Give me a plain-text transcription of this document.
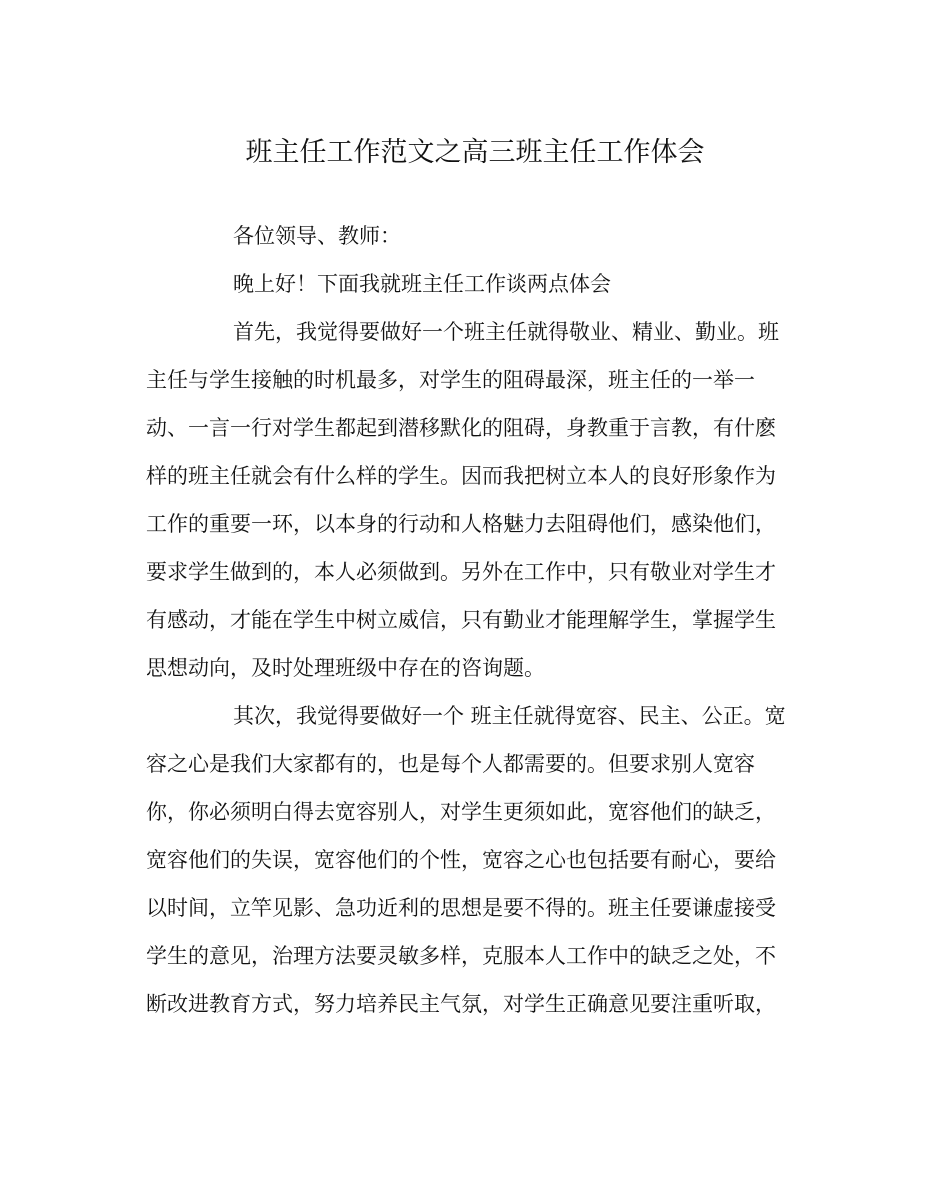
班主任工作范文之高三班主任工作体会
各位领导、教师：
晚上好！下面我就班主任工作谈两点体会
首先，我觉得要做好一个班主任就得敬业、精业、勤业。班
主任与学生接触的时机最多，对学生的阻碍最深，班主任的一举一
动、一言一行对学生都起到潜移默化的阻碍，身教重于言教，有什麽
样的班主任就会有什么样的学生。因而我把树立本人的良好形象作为
工作的重要一环，以本身的行动和人格魅力去阻碍他们，感染他们，
要求学生做到的，本人必须做到。另外在工作中，只有敬业对学生才
有感动，才能在学生中树立威信，只有勤业才能理解学生，掌握学生
思想动向，及时处理班级中存在的咨询题。
其次，我觉得要做好一个 班主任就得宽容、民主、公正。宽
容之心是我们大家都有的，也是每个人都需要的。但要求别人宽容
你，你必须明白得去宽容别人，对学生更须如此，宽容他们的缺乏，
宽容他们的失误，宽容他们的个性，宽容之心也包括要有耐心，要给
以时间，立竿见影、急功近利的思想是要不得的。班主任要谦虚接受
学生的意见，治理方法要灵敏多样，克服本人工作中的缺乏之处，不
断改进教育方式，努力培养民主气氛，对学生正确意见要注重听取，
